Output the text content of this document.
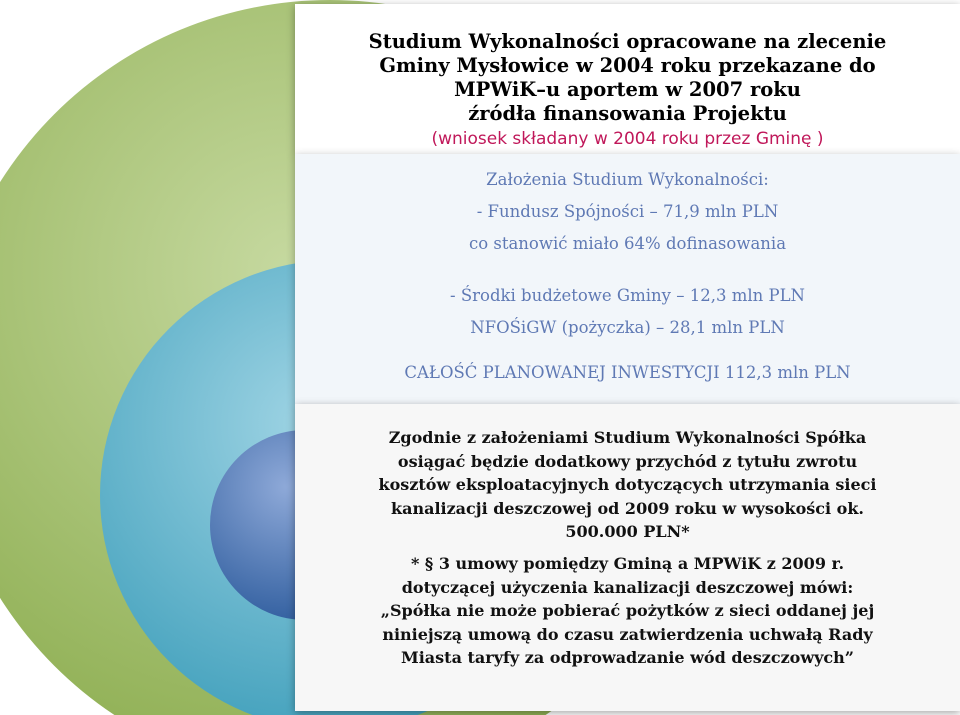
Studium Wykonalności opracowane na zlecenie
Gminy Mysłowice w 2004 roku przekazane do
MPWiK–u aportem w 2007 roku
źródła finansowania Projektu
(wniosek składany w 2004 roku przez Gminę )
Założenia Studium Wykonalności:
- Fundusz Spójności – 71,9 mln PLN
co stanowić miało 64% dofinasowania
- Środki budżetowe Gminy – 12,3 mln PLN
NFOŚiGW (pożyczka) – 28,1 mln PLN
CAŁOŚĆ PLANOWANEJ INWESTYCJI 112,3 mln PLN
Zgodnie z założeniami Studium Wykonalności Spółka
osiągać będzie dodatkowy przychód z tytułu zwrotu
kosztów eksploatacyjnych dotyczących utrzymania sieci
kanalizacji deszczowej od 2009 roku w wysokości ok.
500.000 PLN*
* § 3 umowy pomiędzy Gminą a MPWiK z 2009 r.
dotyczącej użyczenia kanalizacji deszczowej mówi:
„Spółka nie może pobierać pożytków z sieci oddanej jej
niniejszą umową do czasu zatwierdzenia uchwałą Rady
Miasta taryfy za odprowadzanie wód deszczowych”
